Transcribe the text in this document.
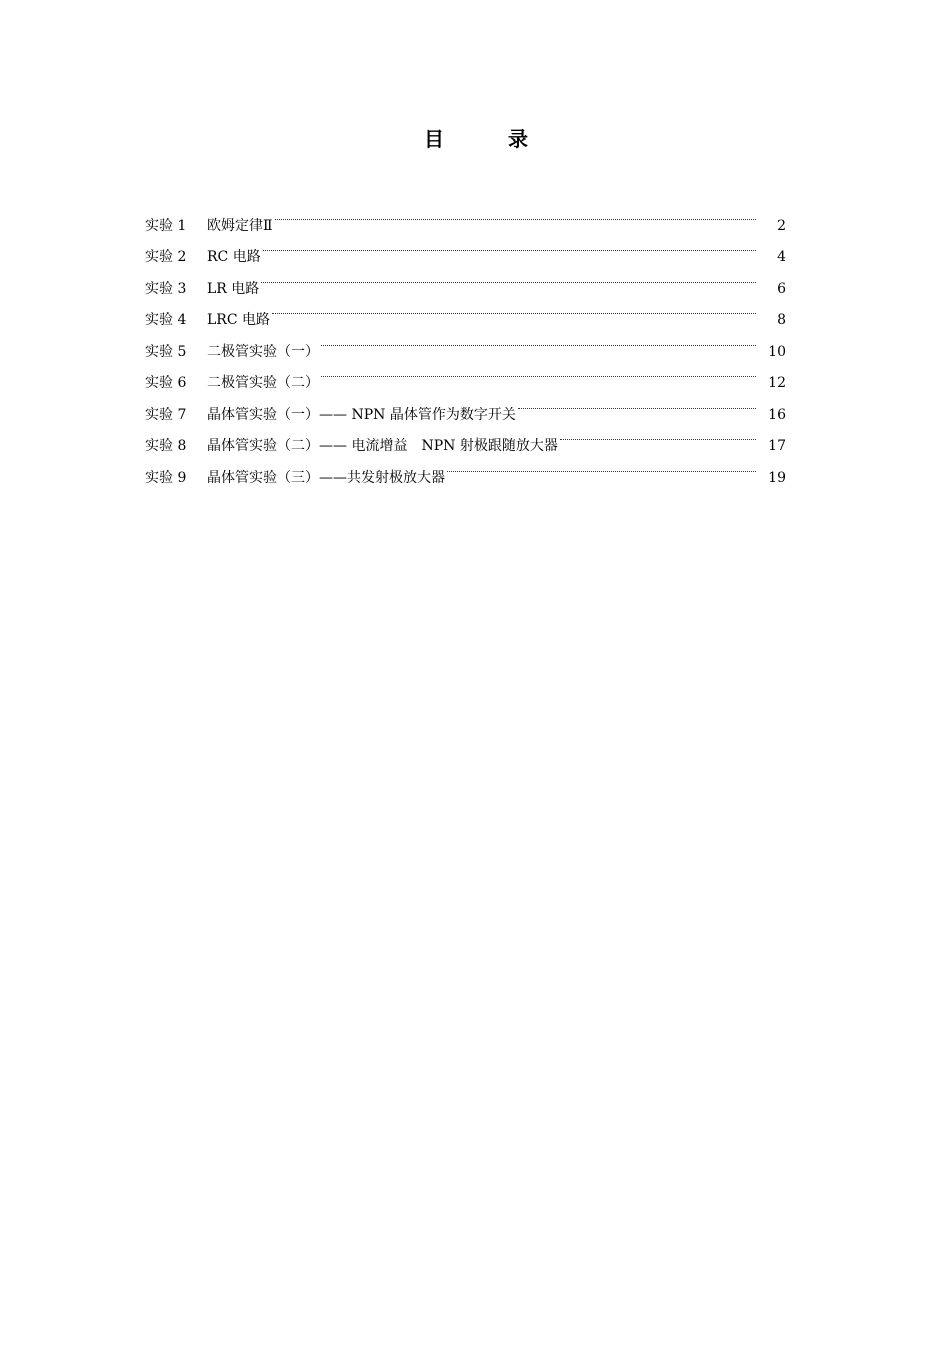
目　录
实验 1	欧姆定律Ⅱ	2
实验 2	RC 电路	4
实验 3	LR 电路	6
实验 4	LRC 电路	8
实验 5	二极管实验（一）	10
实验 6	二极管实验（二）	12
实验 7	晶体管实验（一）—— NPN 晶体管作为数字开关	16
实验 8	晶体管实验（二）—— 电流增益　NPN 射极跟随放大器	17
实验 9	晶体管实验（三）——共发射极放大器	19
